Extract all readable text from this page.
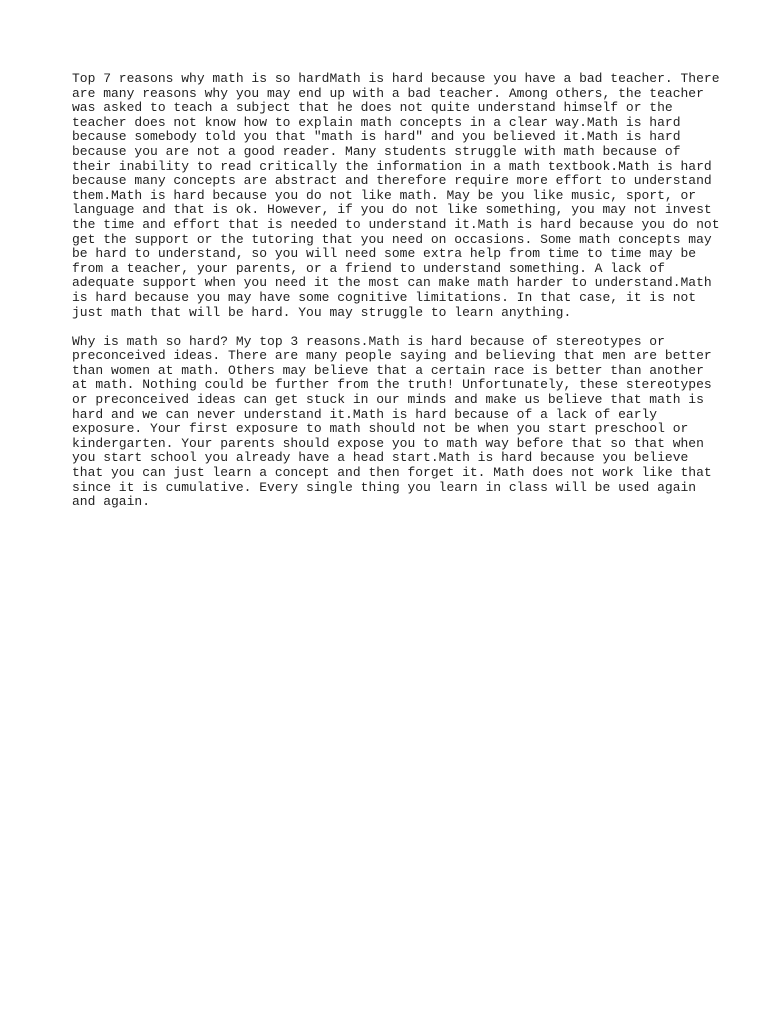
Top 7 reasons why math is so hardMath is hard because you have a bad teacher. There
are many reasons why you may end up with a bad teacher. Among others, the teacher
was asked to teach a subject that he does not quite understand himself or the
teacher does not know how to explain math concepts in a clear way.Math is hard
because somebody told you that "math is hard" and you believed it.Math is hard
because you are not a good reader. Many students struggle with math because of
their inability to read critically the information in a math textbook.Math is hard
because many concepts are abstract and therefore require more effort to understand
them.Math is hard because you do not like math. May be you like music, sport, or
language and that is ok. However, if you do not like something, you may not invest
the time and effort that is needed to understand it.Math is hard because you do not
get the support or the tutoring that you need on occasions. Some math concepts may
be hard to understand, so you will need some extra help from time to time may be
from a teacher, your parents, or a friend to understand something. A lack of
adequate support when you need it the most can make math harder to understand.Math
is hard because you may have some cognitive limitations. In that case, it is not
just math that will be hard. You may struggle to learn anything.

Why is math so hard? My top 3 reasons.Math is hard because of stereotypes or
preconceived ideas. There are many people saying and believing that men are better
than women at math. Others may believe that a certain race is better than another
at math. Nothing could be further from the truth! Unfortunately, these stereotypes
or preconceived ideas can get stuck in our minds and make us believe that math is
hard and we can never understand it.Math is hard because of a lack of early
exposure. Your first exposure to math should not be when you start preschool or
kindergarten. Your parents should expose you to math way before that so that when
you start school you already have a head start.Math is hard because you believe
that you can just learn a concept and then forget it. Math does not work like that
since it is cumulative. Every single thing you learn in class will be used again
and again.
